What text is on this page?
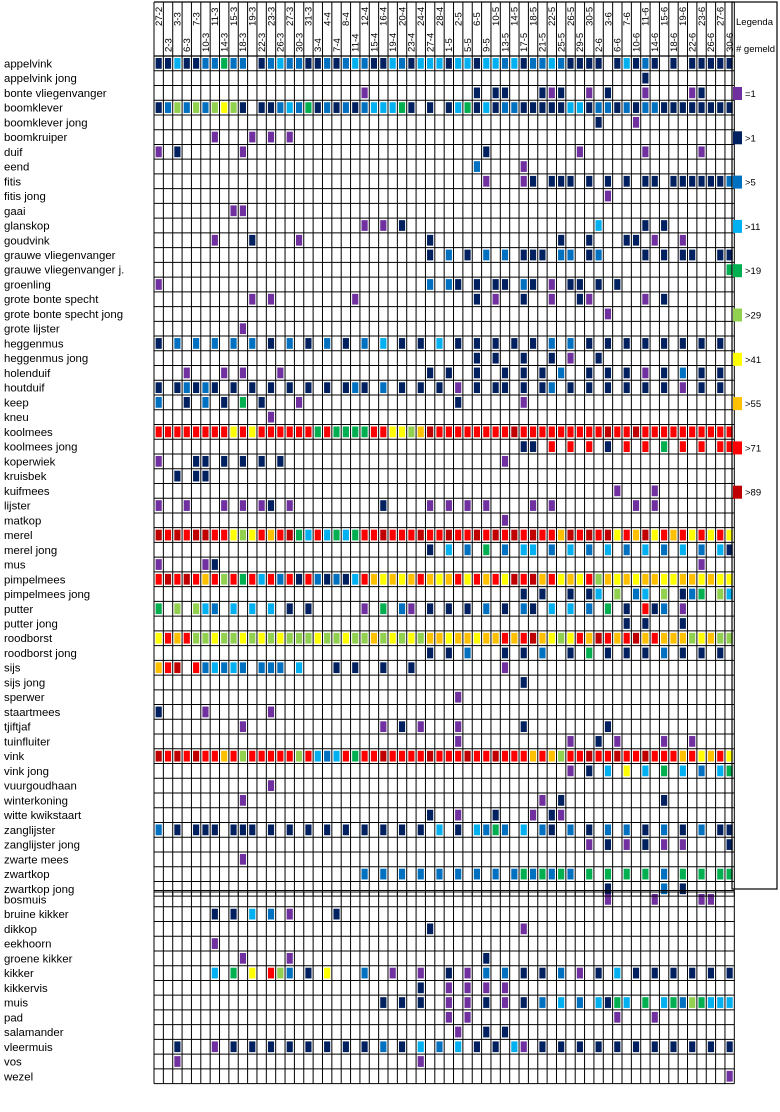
27-2
2-3
3-3
6-3
7-3
10-3
11-3
14-3
15-3
18-3
19-3
22-3
23-3
26-3
27-3
30-3
31-3
3-4
4-4
7-4
8-4
11-4
12-4
15-4
16-4
19-4
20-4
23-4
24-4
27-4
28-4
1-5
2-5
5-5
6-5
9-5
10-5
13-5
14-5
17-5
18-5
21-5
22-5
25-5
26-5
29-5
30-5
2-6
3-6
6-6
7-6
10-6
11-6
14-6
15-6
18-6
19-6
22-6
23-6
26-6
27-6
30-6
appelvink
appelvink jong
bonte vliegenvanger
boomklever
boomklever jong
boomkruiper
duif
eend
fitis
fitis jong
gaai
glanskop
goudvink
grauwe vliegenvanger
grauwe vliegenvanger j.
groenling
grote bonte specht
grote bonte specht jong
grote lijster
heggenmus
heggenmus jong
holenduif
houtduif
keep
kneu
koolmees
koolmees jong
koperwiek
kruisbek
kuifmees
lijster
matkop
merel
merel jong
mus
pimpelmees
pimpelmees jong
putter
putter jong
roodborst
roodborst jong
sijs
sijs jong
sperwer
staartmees
tjiftjaf
tuinfluiter
vink
vink jong
vuurgoudhaan
winterkoning
witte kwikstaart
zanglijster
zanglijster jong
zwarte mees
zwartkop
zwartkop jong
bosmuis
bruine kikker
dikkop
eekhoorn
groene kikker
kikker
kikkervis
muis
pad
salamander
vleermuis
vos
wezel
Legenda
# gemeld
=1
>1
>5
>11
>19
>29
>41
>55
>71
>89
